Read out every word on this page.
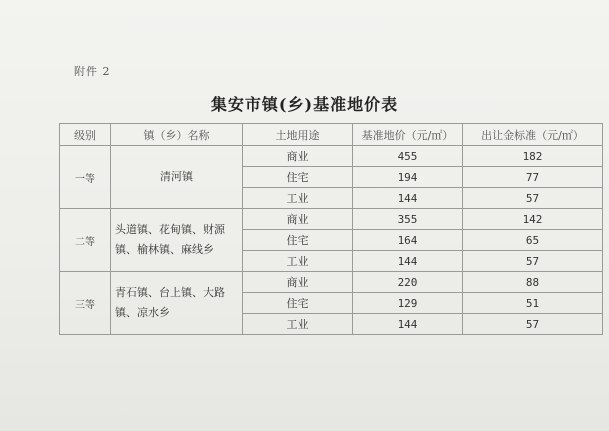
附件 2
集安市镇(乡)基准地价表
级别	镇（乡）名称	土地用途	基准地价（元/㎡）	出让金标准（元/㎡）
一等	清河镇	商业	455	182
		住宅	194	77
		工业	144	57
二等	头道镇、花甸镇、财源镇、榆林镇、麻线乡	商业	355	142
		住宅	164	65
		工业	144	57
三等	青石镇、台上镇、大路镇、凉水乡	商业	220	88
		住宅	129	51
		工业	144	57
